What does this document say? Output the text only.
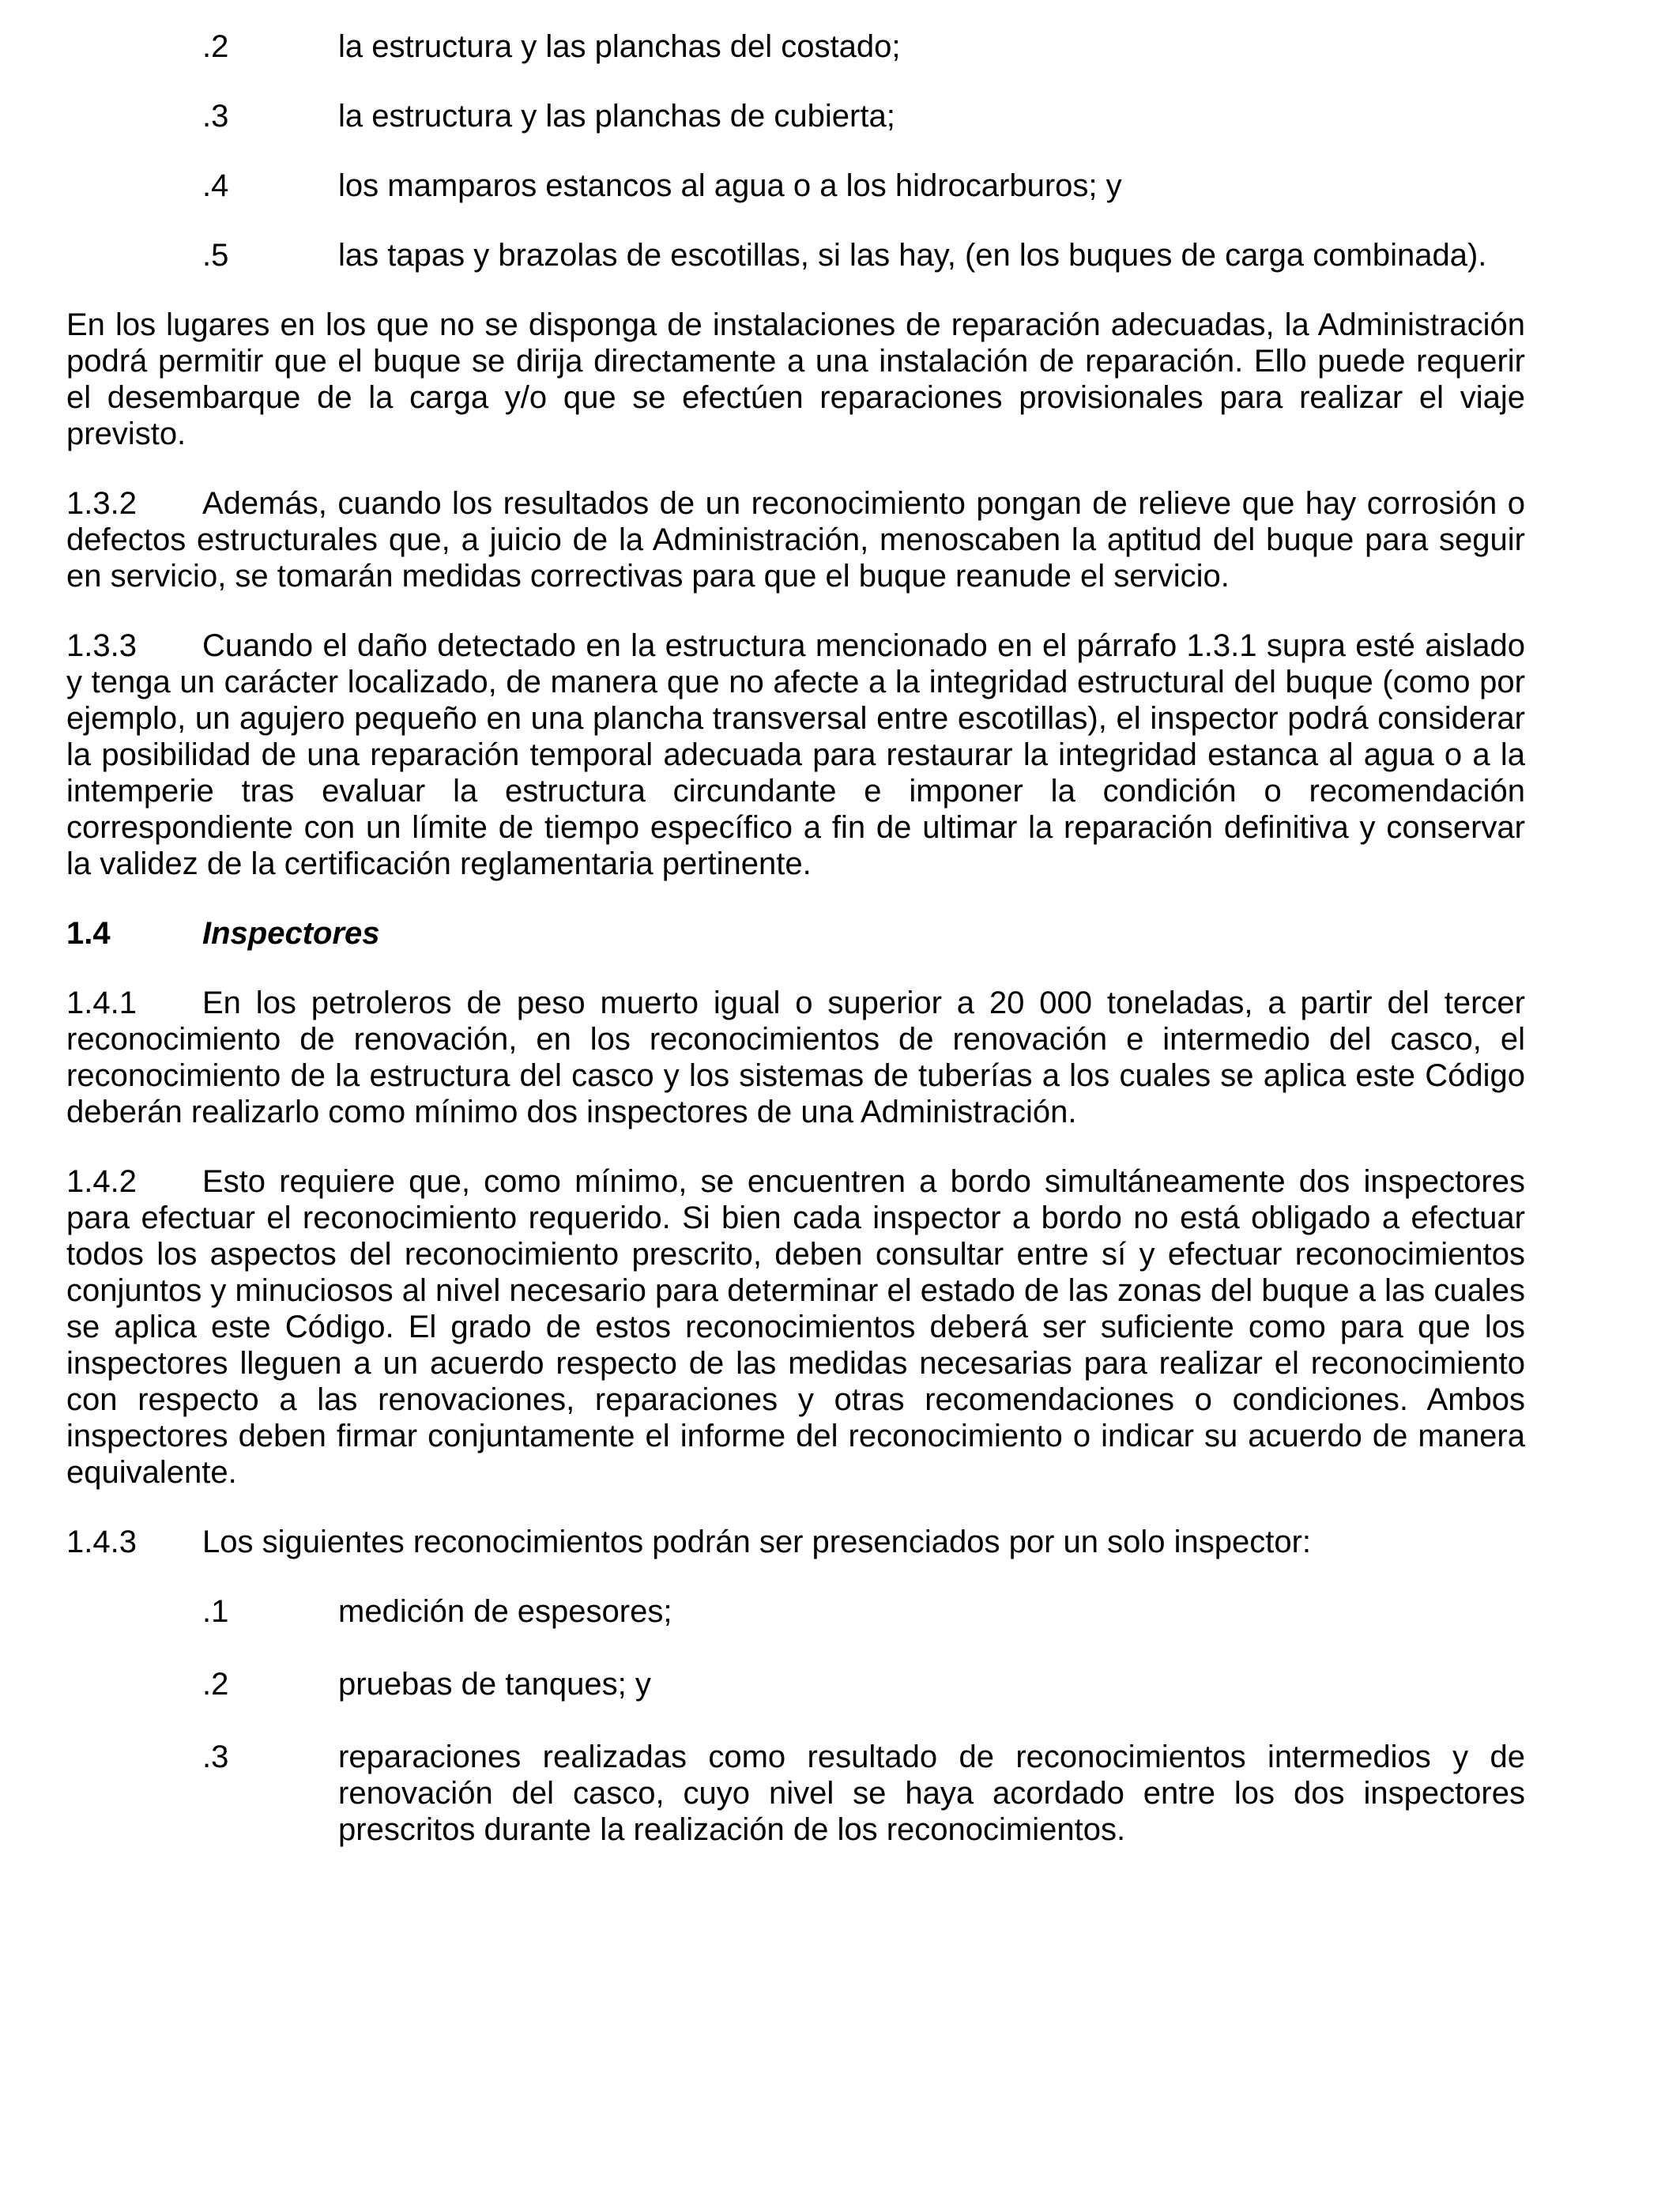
.2	la estructura y las planchas del costado;
.3	la estructura y las planchas de cubierta;
.4	los mamparos estancos al agua o a los hidrocarburos; y
.5	las tapas y brazolas de escotillas, si las hay, (en los buques de carga combinada).

En los lugares en los que no se disponga de instalaciones de reparación adecuadas, la Administración podrá permitir que el buque se dirija directamente a una instalación de reparación. Ello puede requerir el desembarque de la carga y/o que se efectúen reparaciones provisionales para realizar el viaje previsto.

1.3.2 Además, cuando los resultados de un reconocimiento pongan de relieve que hay corrosión o defectos estructurales que, a juicio de la Administración, menoscaben la aptitud del buque para seguir en servicio, se tomarán medidas correctivas para que el buque reanude el servicio.

1.3.3 Cuando el daño detectado en la estructura mencionado en el párrafo 1.3.1 supra esté aislado y tenga un carácter localizado, de manera que no afecte a la integridad estructural del buque (como por ejemplo, un agujero pequeño en una plancha transversal entre escotillas), el inspector podrá considerar la posibilidad de una reparación temporal adecuada para restaurar la integridad estanca al agua o a la intemperie tras evaluar la estructura circundante e imponer la condición o recomendación correspondiente con un límite de tiempo específico a fin de ultimar la reparación definitiva y conservar la validez de la certificación reglamentaria pertinente.

1.4	Inspectores

1.4.1 En los petroleros de peso muerto igual o superior a 20 000 toneladas, a partir del tercer reconocimiento de renovación, en los reconocimientos de renovación e intermedio del casco, el reconocimiento de la estructura del casco y los sistemas de tuberías a los cuales se aplica este Código deberán realizarlo como mínimo dos inspectores de una Administración.

1.4.2 Esto requiere que, como mínimo, se encuentren a bordo simultáneamente dos inspectores para efectuar el reconocimiento requerido. Si bien cada inspector a bordo no está obligado a efectuar todos los aspectos del reconocimiento prescrito, deben consultar entre sí y efectuar reconocimientos conjuntos y minuciosos al nivel necesario para determinar el estado de las zonas del buque a las cuales se aplica este Código. El grado de estos reconocimientos deberá ser suficiente como para que los inspectores lleguen a un acuerdo respecto de las medidas necesarias para realizar el reconocimiento con respecto a las renovaciones, reparaciones y otras recomendaciones o condiciones. Ambos inspectores deben firmar conjuntamente el informe del reconocimiento o indicar su acuerdo de manera equivalente.

1.4.3 Los siguientes reconocimientos podrán ser presenciados por un solo inspector:

.1	medición de espesores;
.2	pruebas de tanques; y
.3	reparaciones realizadas como resultado de reconocimientos intermedios y de renovación del casco, cuyo nivel se haya acordado entre los dos inspectores prescritos durante la realización de los reconocimientos.
